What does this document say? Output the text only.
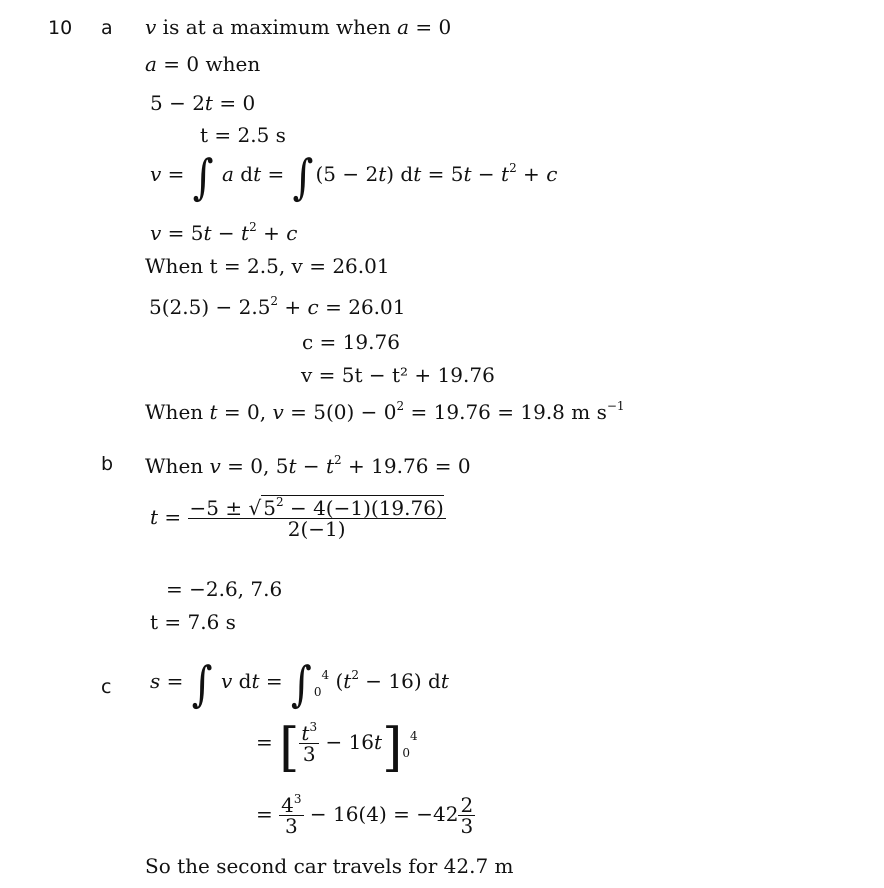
10 a
b
c
v is at a maximum when a = 0
a = 0 when
5 − 2t = 0
t = 2.5 s
v = ∫ a dt = ∫ (5 − 2t) dt = $5t - t^2 + c$
$v = 5t - t^2 + c$
When t = 2.5, v = 26.01
$5(2.5) - 2.5^2 + c = 26.01$
c = 19.76
v = 5t − t² + 19.76
When t = 0, $v = 5(0) - 0^2 = 19.76 = 19.8$ m $s^{-1}$
When v = 0, $5t - t^2 + 19.76 = 0$
$t = \frac{-5 \pm √ 5^2 - 4(-1)(19.76)}{2(-1)}$
= −2.6, 7.6
t = 7.6 s
s = ∫ v dt = ∫ $_0^4$ $(t^2 - 16)$ dt
= [ $\frac{t^3}{3} - 16t]_0^4$
= $\frac{4^3}{3} - 16(4) = -42 \frac{2}{3}$
So the second car travels for 42.7 m
